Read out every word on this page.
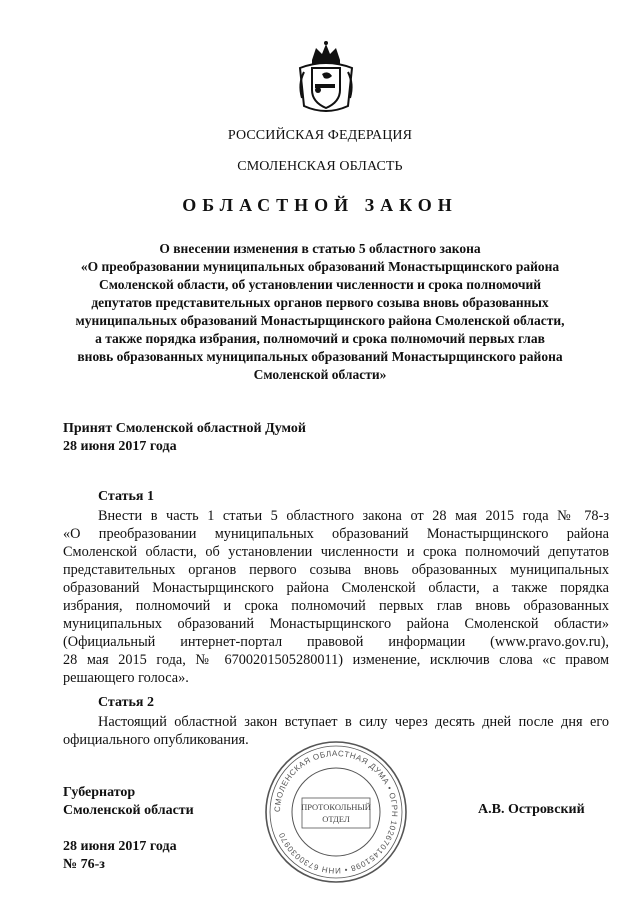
РОССИЙСКАЯ ФЕДЕРАЦИЯ
СМОЛЕНСКАЯ ОБЛАСТЬ
ОБЛАСТНОЙ ЗАКОН
О внесении изменения в статью 5 областного закона
«О преобразовании муниципальных образований Монастырщинского района
Смоленской области, об установлении численности и срока полномочий
депутатов представительных органов первого созыва вновь образованных
муниципальных образований Монастырщинского района Смоленской области,
а также порядка избрания, полномочий и срока полномочий первых глав
вновь образованных муниципальных образований Монастырщинского района
Смоленской области»
Принят Смоленской областной Думой
28 июня 2017 года
Статья 1
Внести в часть 1 статьи 5 областного закона от 28 мая 2015 года № 78-з
«О преобразовании муниципальных образований Монастырщинского района
Смоленской области, об установлении численности и срока полномочий депутатов
представительных органов первого созыва вновь образованных муниципальных
образований Монастырщинского района Смоленской области, а также порядка
избрания, полномочий и срока полномочий первых глав вновь образованных
муниципальных образований Монастырщинского района Смоленской области»
(Официальный интернет-портал правовой информации (www.pravo.gov.ru),
28 мая 2015 года, № 6700201505280011) изменение, исключив слова «с правом
решающего голоса».
Статья 2
Настоящий областной закон вступает в силу через десять дней после дня его
официального опубликования.
Губернатор
Смоленской области	А.В. Островский
28 июня 2017 года
№ 76-з
СМОЛЕНСКАЯ ОБЛАСТНАЯ ДУМА • ОГРН 1026701451098 • ИНН 6730030970
ПРОТОКОЛЬНЫЙ
ОТДЕЛ
